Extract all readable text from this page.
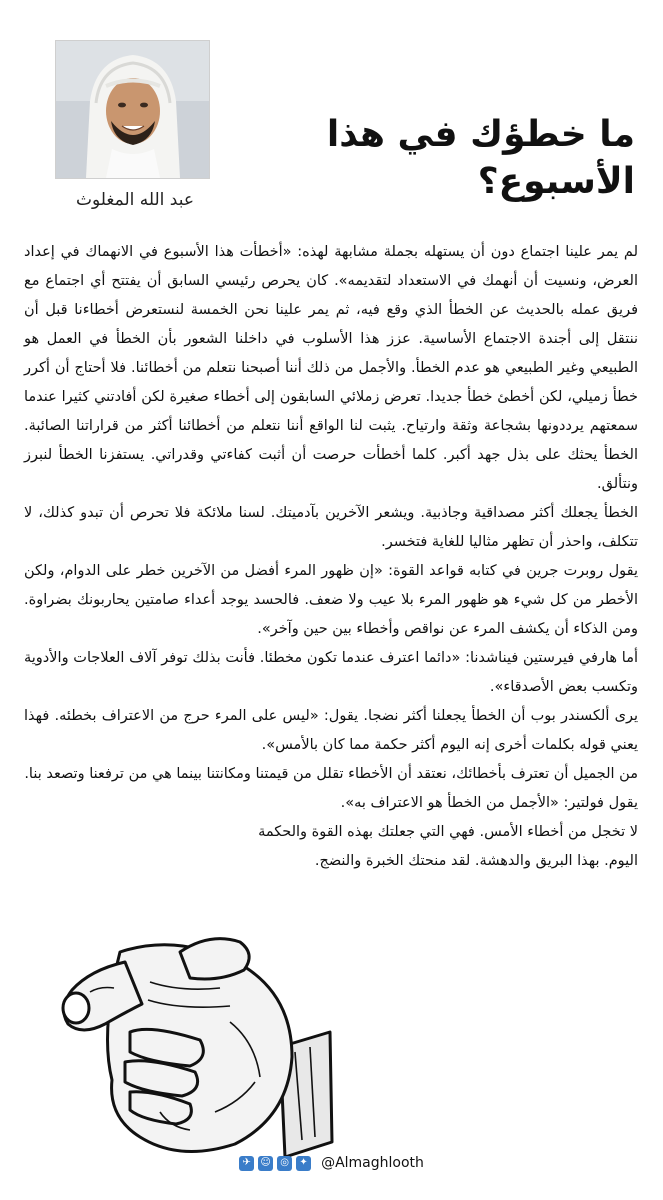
ما خطؤك في هذا الأسبوع؟
عبد الله المغلوث

لم يمر علينا اجتماع دون أن يستهله بجملة مشابهة لهذه: «أخطأت هذا الأسبوع في الانهماك في إعداد العرض، ونسيت أن أنهمك في الاستعداد لتقديمه». كان يحرص رئيسي السابق أن يفتتح أي اجتماع مع فريق عمله بالحديث عن الخطأ الذي وقع فيه، ثم يمر علينا نحن الخمسة لنستعرض أخطاءنا قبل أن ننتقل إلى أجندة الاجتماع الأساسية. عزز هذا الأسلوب في داخلنا الشعور بأن الخطأ في العمل هو الطبيعي وغير الطبيعي هو عدم الخطأ. والأجمل من ذلك أننا أصبحنا نتعلم من أخطائنا. فلا أحتاج أن أكرر خطأ زميلي، لكن أخطئ خطأ جديدا. تعرض زملائي السابقون إلى أخطاء صغيرة لكن أفادتني كثيرا عندما سمعتهم يرددونها بشجاعة وثقة وارتياح. يثبت لنا الواقع أننا نتعلم من أخطائنا أكثر من قراراتنا الصائبة. الخطأ يحثك على بذل جهد أكبر. كلما أخطأت حرصت أن أثبت كفاءتي وقدراتي. يستفزنا الخطأ لنبرز ونتألق.

الخطأ يجعلك أكثر مصداقية وجاذبية. ويشعر الآخرين بآدميتك. لسنا ملائكة فلا تحرص أن تبدو كذلك، لا تتكلف، واحذر أن تظهر مثاليا للغاية فتخسر.

يقول روبرت جرين في كتابه قواعد القوة: «إن ظهور المرء أفضل من الآخرين خطر على الدوام، ولكن الأخطر من كل شيء هو ظهور المرء بلا عيب ولا ضعف. فالحسد يوجد أعداء صامتين يحاربونك بضراوة. ومن الذكاء أن يكشف المرء عن نواقص وأخطاء بين حين وآخر».

أما هارفي فيرستين فيناشدنا: «دائما اعترف عندما تكون مخطئا. فأنت بذلك توفر آلاف العلاجات والأدوية وتكسب بعض الأصدقاء».

يرى ألكسندر بوب أن الخطأ يجعلنا أكثر نضجا. يقول: «ليس على المرء حرج من الاعتراف بخطئه. فهذا يعني قوله بكلمات أخرى إنه اليوم أكثر حكمة مما كان بالأمس».

من الجميل أن تعترف بأخطائك، نعتقد أن الأخطاء تقلل من قيمتنا ومكانتنا بينما هي من ترفعنا وتصعد بنا.

يقول فولتير: «الأجمل من الخطأ هو الاعتراف به».

لا تخجل من أخطاء الأمس. فهي التي جعلتك بهذه القوة والحكمة اليوم. بهذا البريق والدهشة. لقد منحتك الخبرة والنضج.

✈ ☺ ◎	✦ @Almaghlooth
